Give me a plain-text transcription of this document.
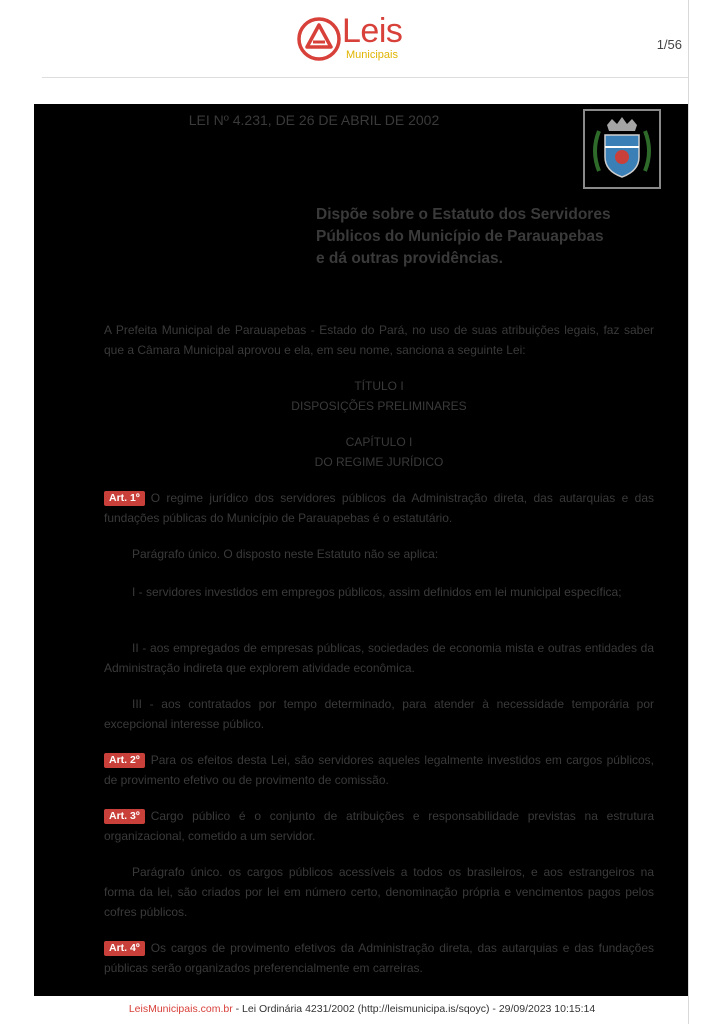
Leis
Municipais
1/56
LEI Nº 4.231, DE 26 DE ABRIL DE 2002
Dispõe sobre o Estatuto dos Servidores
Públicos do Município de Parauapebas
e dá outras providências.
A Prefeita Municipal de Parauapebas - Estado do Pará, no uso de suas atribuições legais, faz saber que a Câmara Municipal aprovou e ela, em seu nome, sanciona a seguinte Lei:
TÍTULO I
DISPOSIÇÕES PRELIMINARES
CAPÍTULO I
DO REGIME JURÍDICO
Art. 1º O regime jurídico dos servidores públicos da Administração direta, das autarquias e das fundações públicas do Município de Parauapebas é o estatutário.
Parágrafo único. O disposto neste Estatuto não se aplica:
I - servidores investidos em empregos públicos, assim definidos em lei municipal específica;
II - aos empregados de empresas públicas, sociedades de economia mista e outras entidades da Administração indireta que explorem atividade econômica.
III - aos contratados por tempo determinado, para atender à necessidade temporária por excepcional interesse público.
Art. 2º Para os efeitos desta Lei, são servidores aqueles legalmente investidos em cargos públicos, de provimento efetivo ou de provimento de comissão.
Art. 3º Cargo público é o conjunto de atribuições e responsabilidade previstas na estrutura organizacional, cometido a um servidor.
Parágrafo único. os cargos públicos acessíveis a todos os brasileiros, e aos estrangeiros na forma da lei, são criados por lei em número certo, denominação própria e vencimentos pagos pelos cofres públicos.
Art. 4º Os cargos de provimento efetivos da Administração direta, das autarquias e das fundações públicas serão organizados preferencialmente em carreiras.
LeisMunicipais.com.br - Lei Ordinária 4231/2002 (http://leismunicipa.is/sqoyc) - 29/09/2023 10:15:14
